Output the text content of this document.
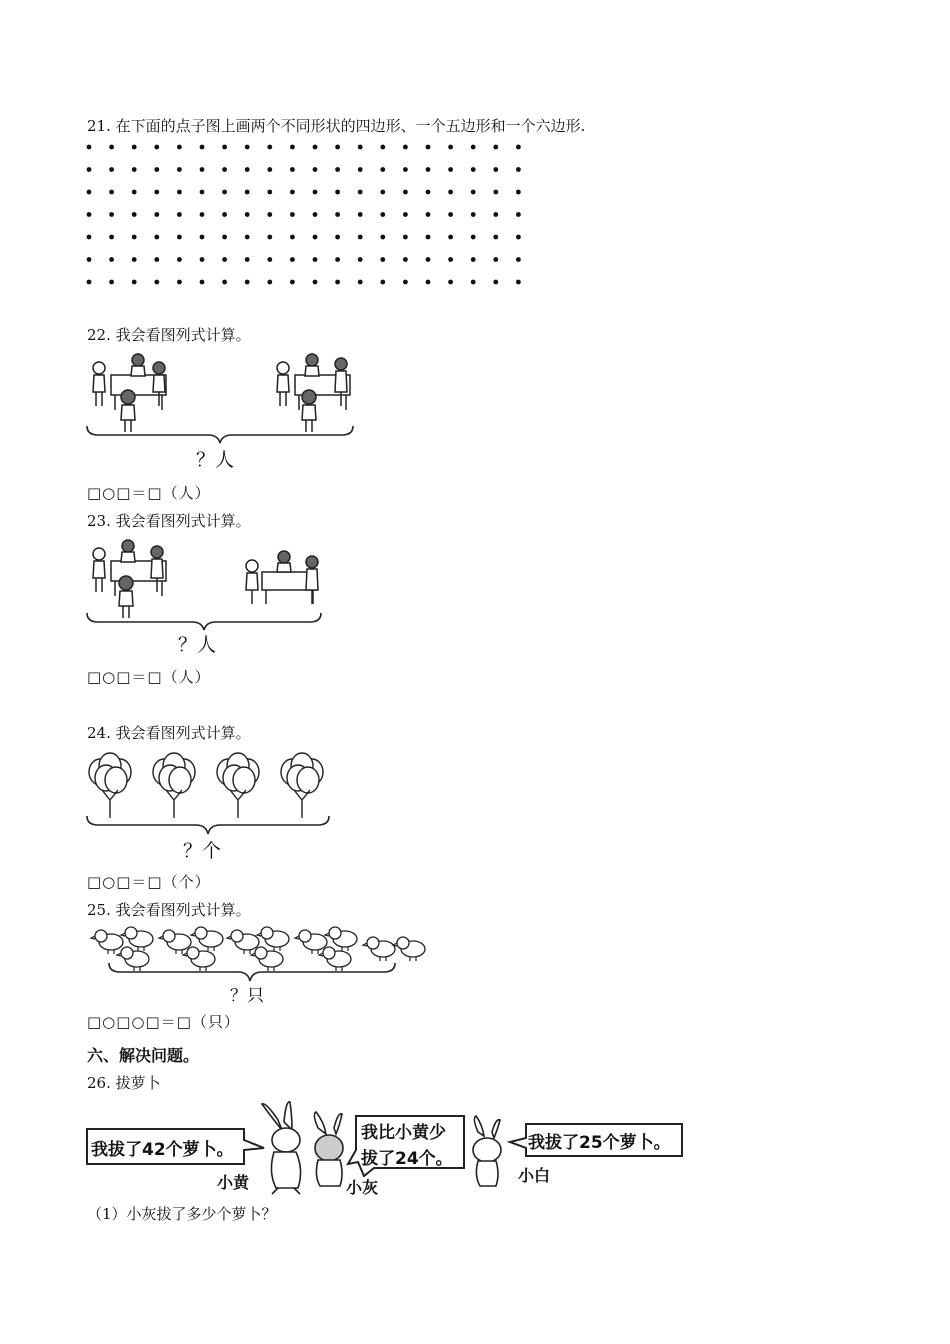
21. 在下面的点子图上画两个不同形状的四边形、一个五边形和一个六边形.
22. 我会看图列式计算。
？人
□○□＝□（人）
23. 我会看图列式计算。
？人
□○□＝□（人）
24. 我会看图列式计算。
？个
□○□＝□（个）
25. 我会看图列式计算。
？只
□○□○□＝□（只）
六、解决问题。
26. 拔萝卜
我拔了42个萝卜。
小黄
我比小黄少
拔了24个。
小灰
我拔了25个萝卜。
小白
（1）小灰拔了多少个萝卜？
